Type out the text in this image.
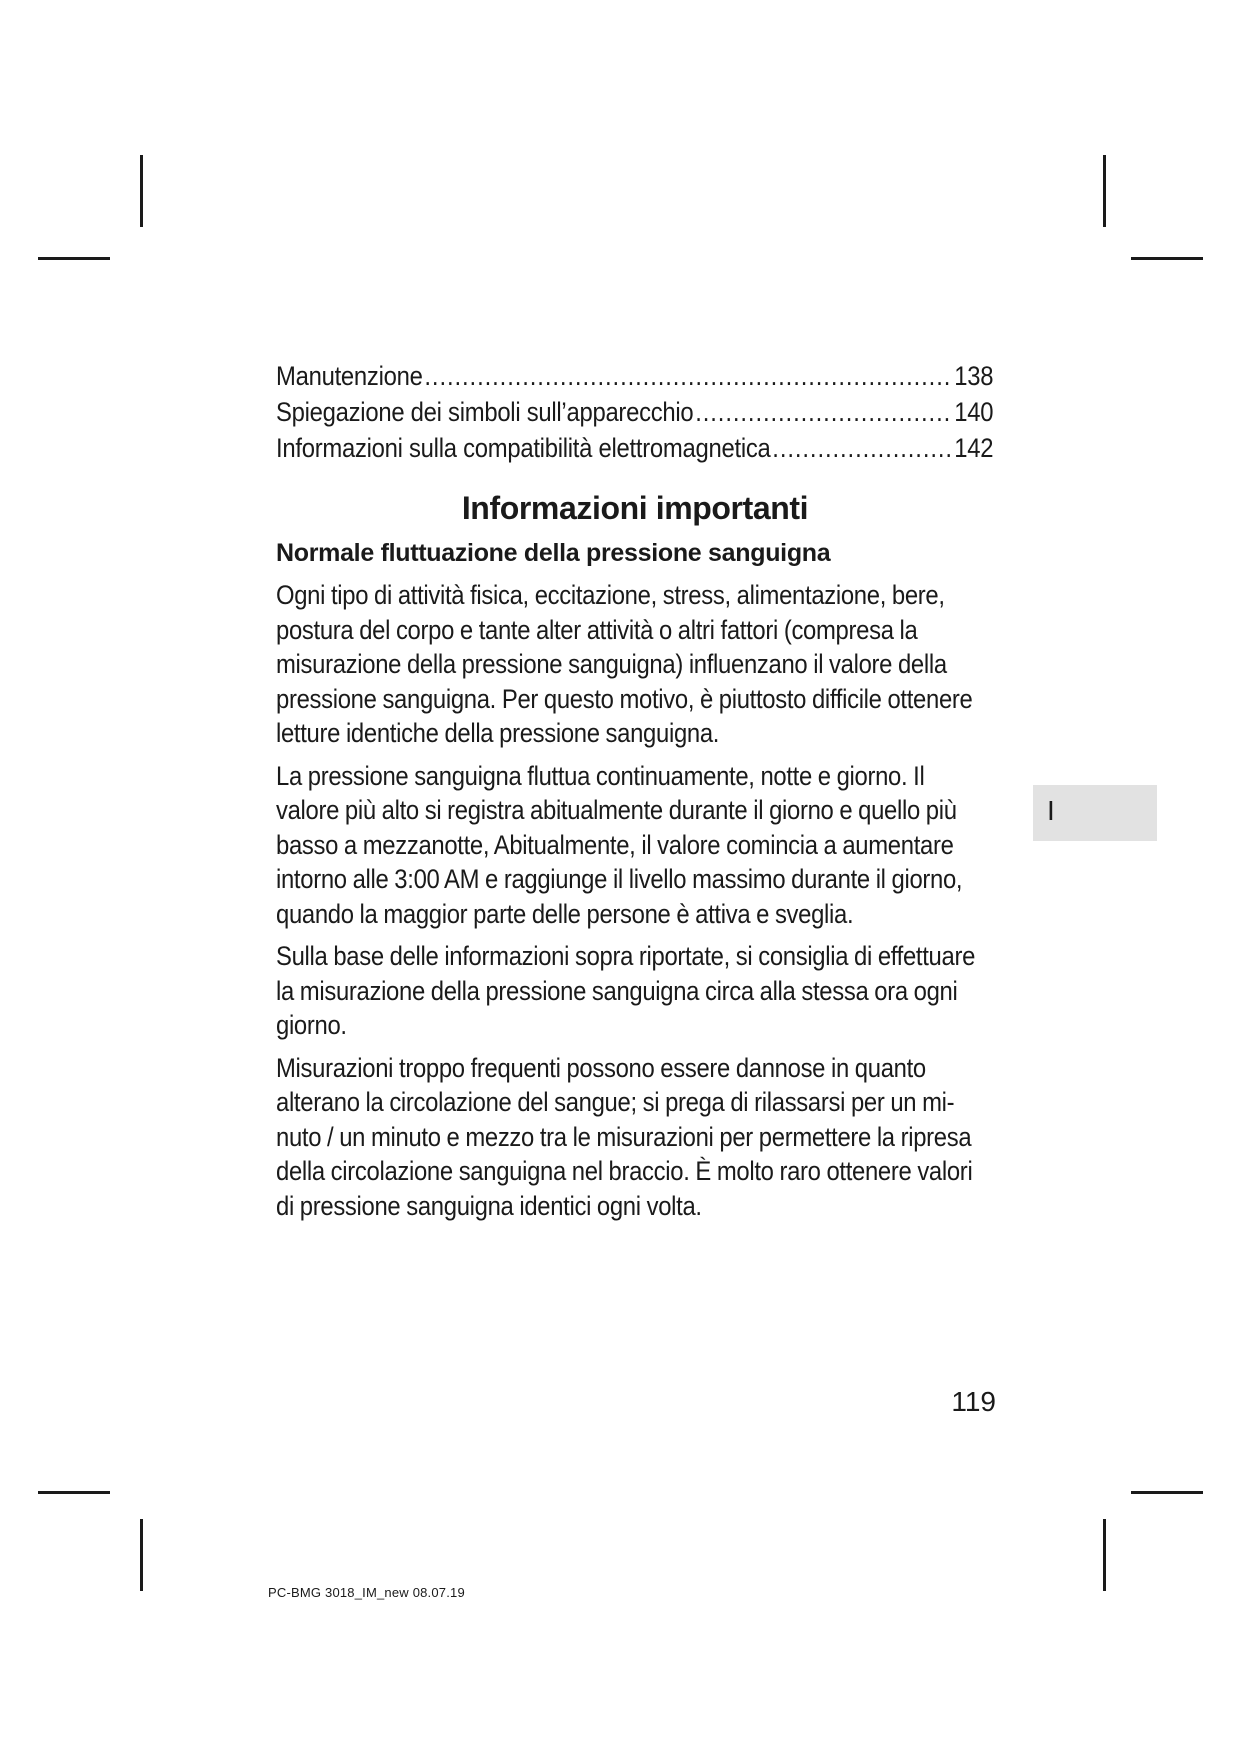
Manutenzione .....	138
Spiegazione dei simboli sull’apparecchio .....	140
Informazioni sulla compatibilità elettromagnetica .....	142
Informazioni importanti
Normale fluttuazione della pressione sanguigna

Ogni tipo di attività fisica, eccitazione, stress, alimentazione, bere, postura del corpo e tante alter attività o altri fattori (compresa la misurazione della pressione sanguigna) influenzano il valore della pressione sanguigna. Per questo motivo, è piuttosto difficile ottenere letture identiche della pressione sanguigna.

La pressione sanguigna fluttua continuamente, notte e giorno. Il valore più alto si registra abitualmente durante il giorno e quello più basso a mezzanotte, Abitualmente, il valore comincia a aumentare intorno alle 3:00 AM e raggiunge il livello massimo durante il giorno, quando la maggior parte delle persone è attiva e sveglia.

Sulla base delle informazioni sopra riportate, si consiglia di effettuare la misurazione della pressione sanguigna circa alla stessa ora ogni giorno.

Misurazioni troppo frequenti possono essere dannose in quanto alterano la circolazione del sangue; si prega di rilassarsi per un mi-nuto / un minuto e mezzo tra le misurazioni per permettere la ripresa della circolazione sanguigna nel braccio. È molto raro ottenere valori di pressione sanguigna identici ogni volta.

I
119
PC-BMG 3018_IM_new 08.07.19
